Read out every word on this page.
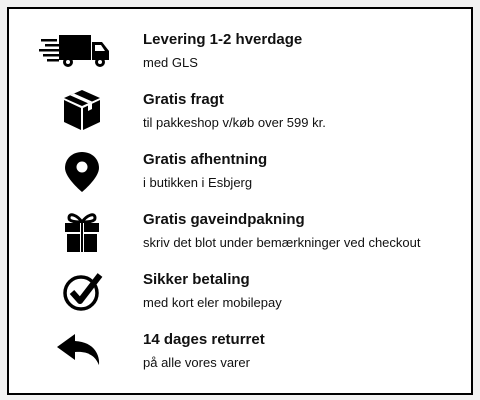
Levering 1-2 hverdage
med GLS
Gratis fragt
til pakkeshop v/køb over 599 kr.
Gratis afhentning
i butikken i Esbjerg
Gratis gaveindpakning
skriv det blot under bemærkninger ved checkout
Sikker betaling
med kort eler mobilepay
14 dages returret
på alle vores varer
